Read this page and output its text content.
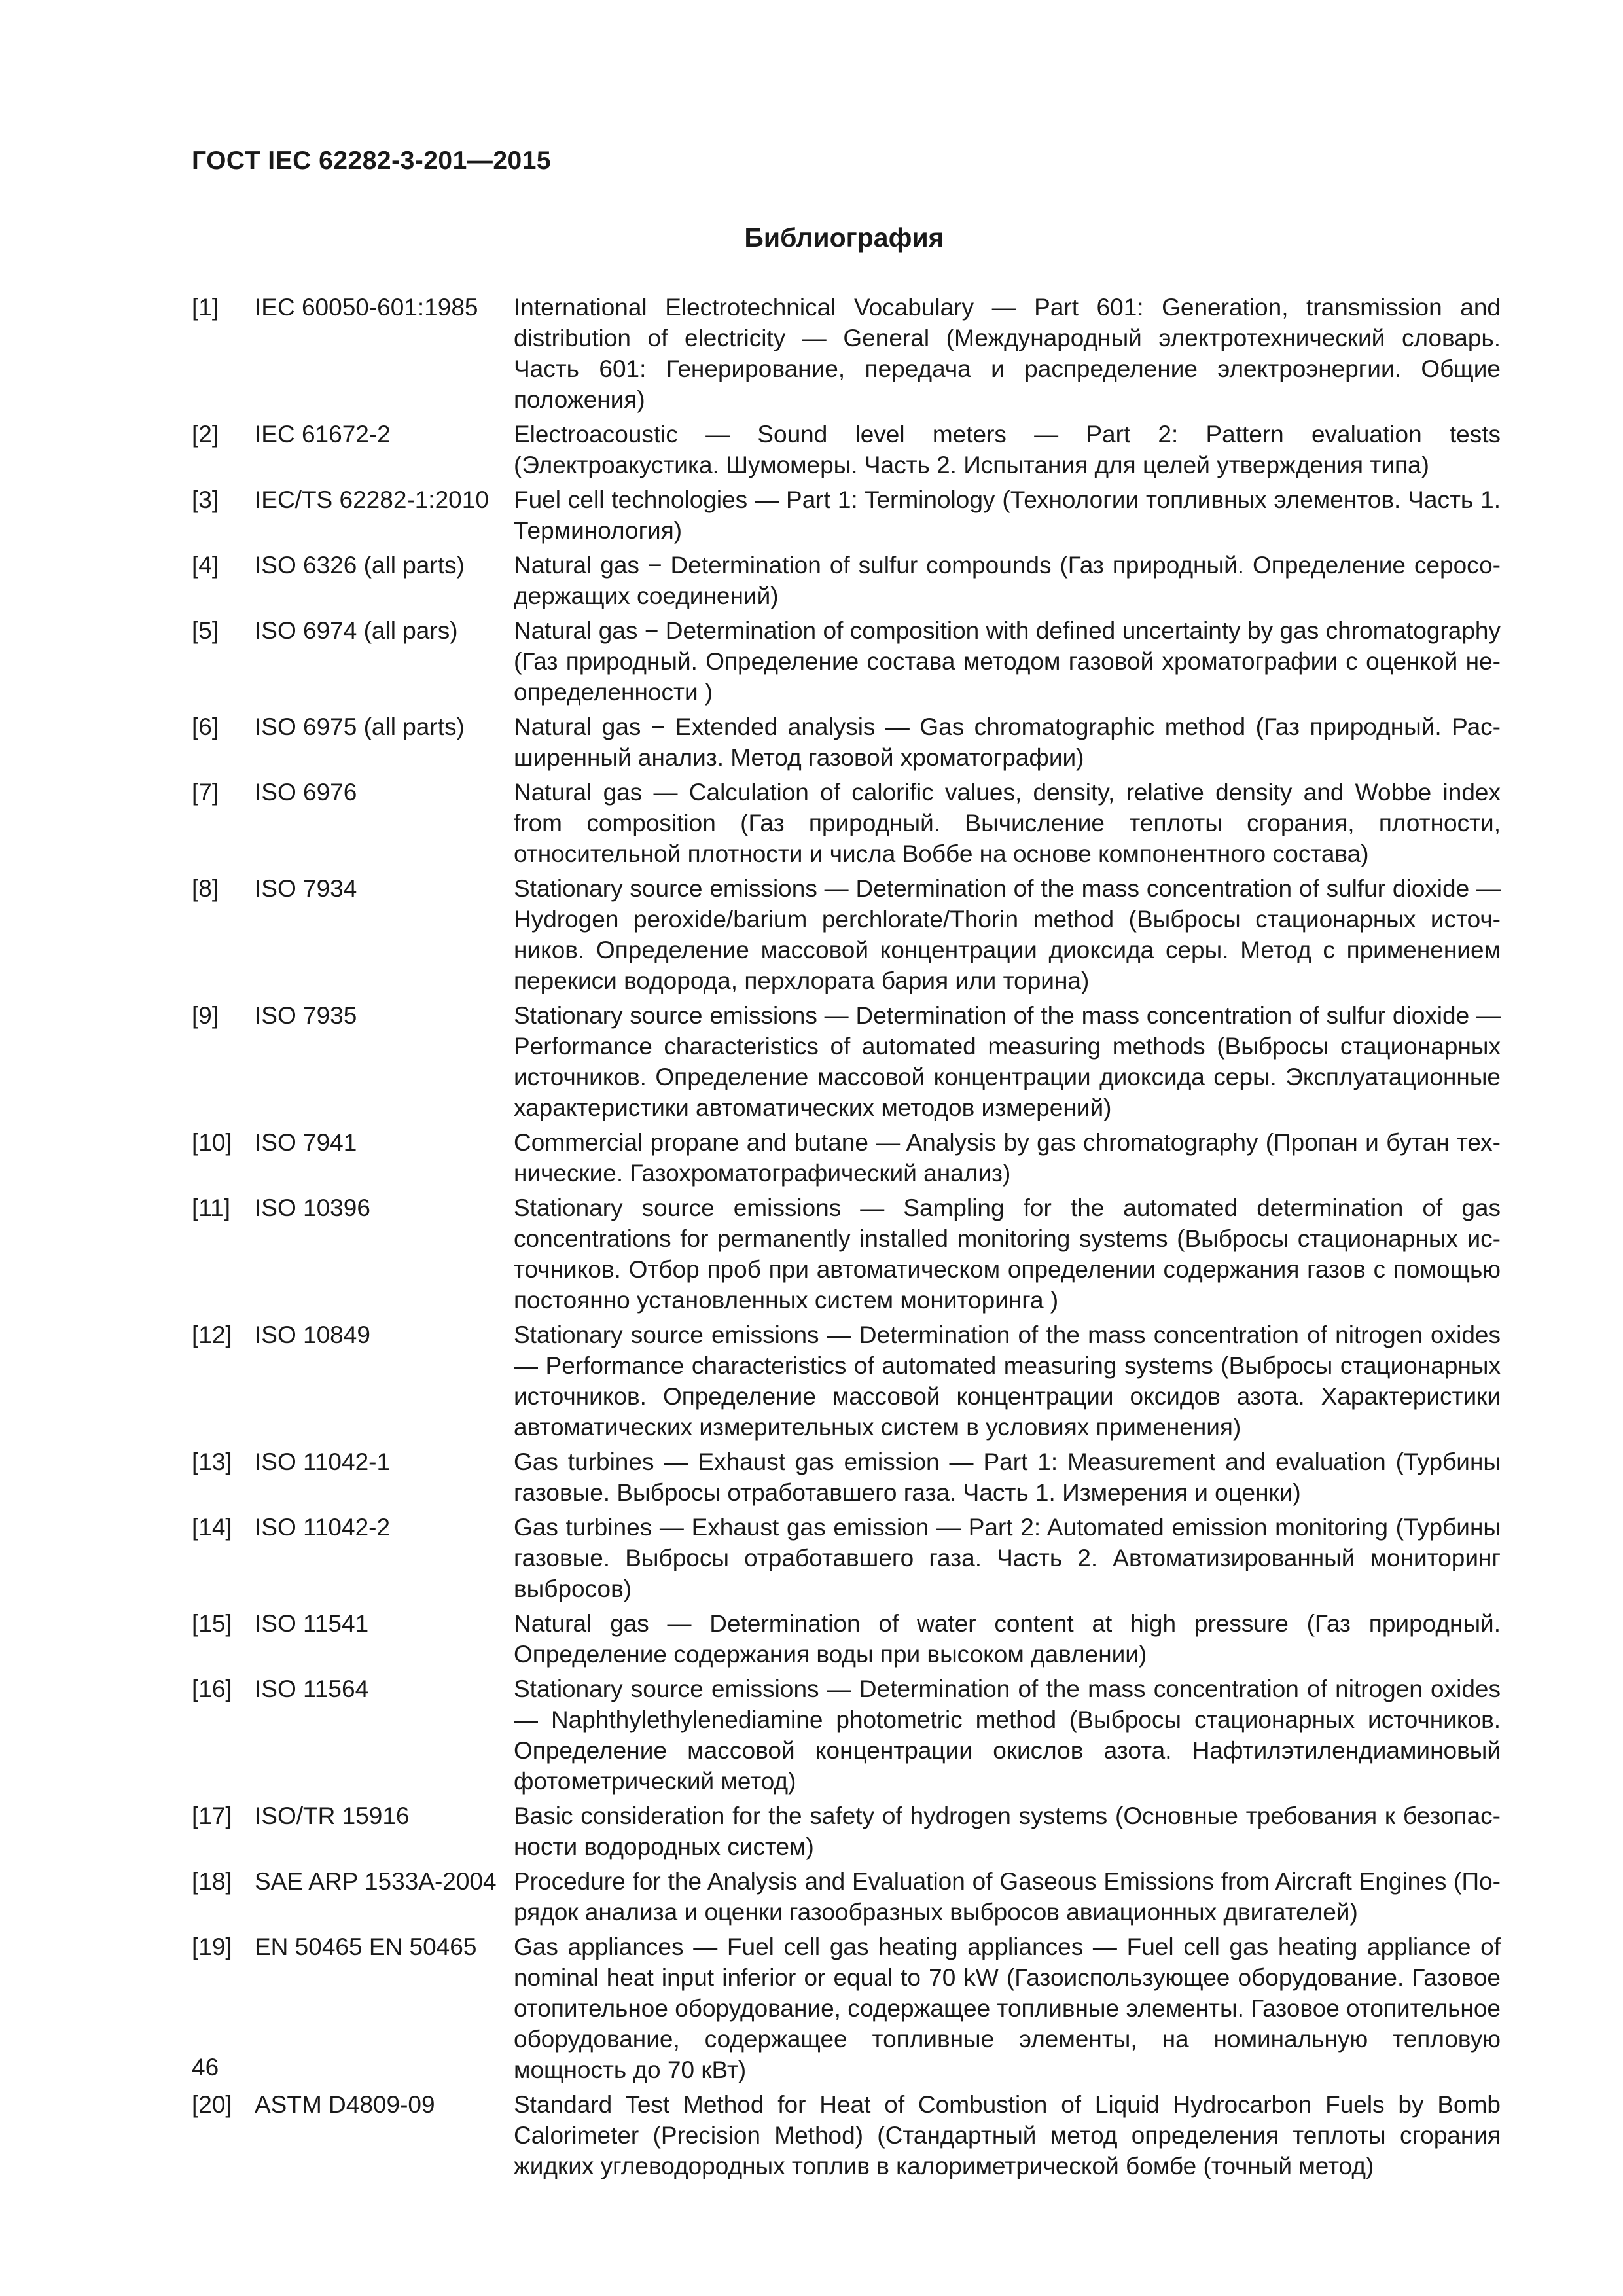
ГОСТ IEC 62282-3-201—2015
Библиография
[1] IEC 60050-601:1985 International Electrotechnical Vocabulary — Part 601: Generation, transmission and distribution of electricity — General (Международный электротехнический словарь. Часть 601: Генерирование, передача и распределение электроэнергии. Общие положения)
[2] IEC 61672-2	Electroacoustic — Sound level meters — Part 2: Pattern evaluation tests (Электроакустика. Шумомеры. Часть 2. Испытания для целей утверждения типа)
[3] IEC/TS 62282-1:2010 Fuel cell technologies — Part 1: Terminology (Технологии топливных элементов. Часть 1. Терминология)
[4] ISO 6326 (all parts) Natural gas − Determination of sulfur compounds (Газ природный. Определение серосодержащих соединений)
[5] ISO 6974 (all pars) Natural gas − Determination of composition with defined uncertainty by gas chromatography (Газ природный. Определение состава методом газовой хроматографии с оценкой неопределенности )
[6] ISO 6975 (all parts) Natural gas − Extended analysis — Gas chromatographic method (Газ природный. Расширенный анализ. Метод газовой хроматографии)
[7] ISO 6976	Natural gas — Calculation of calorific values, density, relative density and Wobbe index from composition (Газ природный. Вычисление теплоты сгорания, плотности, относительной плотности и числа Воббе на основе компонентного состава)
[8] ISO 7934	Stationary source emissions — Determination of the mass concentration of sulfur dioxide — Hydrogen peroxide/barium perchlorate/Thorin method (Выбросы стационарных источников. Определение массовой концентрации диоксида серы. Метод с применением перекиси водорода, перхлората бария или торина)
[9] ISO 7935	Stationary source emissions — Determination of the mass concentration of sulfur dioxide — Performance characteristics of automated measuring methods (Выбросы стационарных источников. Определение массовой концентрации диоксида серы. Эксплуатационные характеристики автоматических методов измерений)
[10] ISO 7941	Commercial propane and butane — Analysis by gas chromatography (Пропан и бутан технические. Газохроматографический анализ)
[11] ISO 10396	Stationary source emissions — Sampling for the automated determination of gas concentrations for permanently installed monitoring systems (Выбросы стационарных источников. Отбор проб при автоматическом определении содержания газов с помощью постоянно установленных систем мониторинга )
[12] ISO 10849	Stationary source emissions — Determination of the mass concentration of nitrogen oxides — Performance characteristics of automated measuring systems (Выбросы стационарных источников. Определение массовой концентрации оксидов азота. Характеристики автоматических измерительных систем в условиях применения)
[13] ISO 11042-1	Gas turbines — Exhaust gas emission — Part 1: Measurement and evaluation (Турбины газовые. Выбросы отработавшего газа. Часть 1. Измерения и оценки)
[14] ISO 11042-2	Gas turbines — Exhaust gas emission — Part 2: Automated emission monitoring (Турбины газовые. Выбросы отработавшего газа. Часть 2. Автоматизированный мониторинг выбросов)
[15] ISO 11541	Natural gas — Determination of water content at high pressure (Газ природный. Определение содержания воды при высоком давлении)
[16] ISO 11564	Stationary source emissions — Determination of the mass concentration of nitrogen oxides — Naphthylethylenediamine photometric method (Выбросы стационарных источников. Определение массовой концентрации окислов азота. Нафтилэтилендиаминовый фотометрический метод)
[17] ISO/TR 15916	Basic consideration for the safety of hydrogen systems (Основные требования к безопасности водородных систем)
[18] SAE ARP 1533A-2004 Procedure for the Analysis and Evaluation of Gaseous Emissions from Aircraft Engines (Порядок анализа и оценки газообразных выбросов авиационных двигателей)
[19] EN 50465 EN 50465 Gas appliances — Fuel cell gas heating appliances — Fuel cell gas heating appliance of nominal heat input inferior or equal to 70 kW (Газоиспользующее оборудование. Газовое отопительное оборудование, содержащее топливные элементы. Газовое отопительное оборудование, содержащее топливные элементы, на номинальную тепловую мощность до 70 кВт)
[20] ASTM D4809-09	Standard Test Method for Heat of Combustion of Liquid Hydrocarbon Fuels by Bomb Calorimeter (Precision Method) (Стандартный метод определения теплоты сгорания жидких углеводородных топлив в калориметрической бомбе (точный метод)
46
